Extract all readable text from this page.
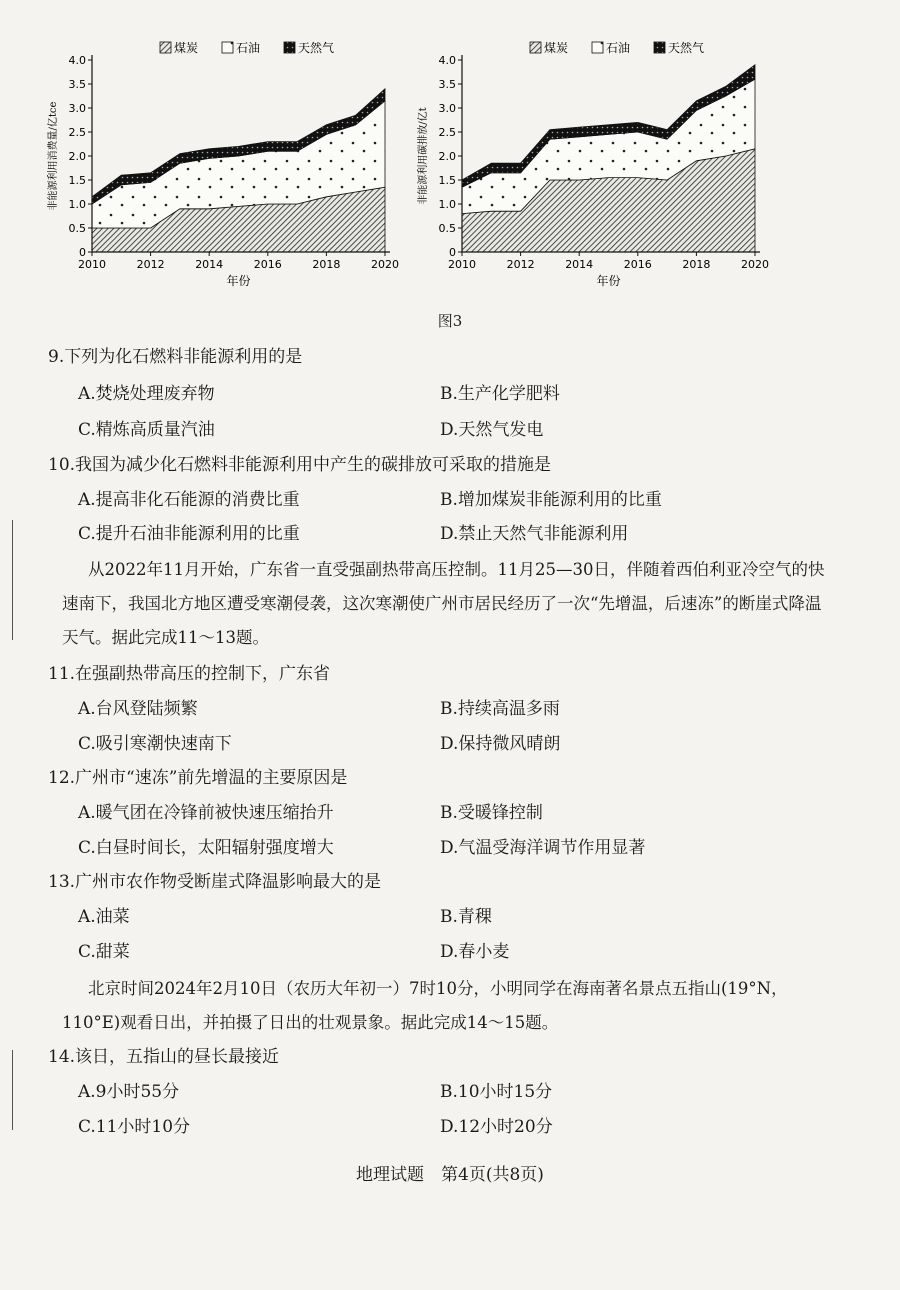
0
0.5
1.0
1.5
2.0
2.5
3.0
3.5
4.0
2010	2012	2014	2016	2018	2020
年份
非能源利用消费量/亿tce
煤炭	石油	天然气
0
0.5
1.0
1.5
2.0
2.5
3.0
3.5
4.0
2010	2012	2014	2016	2018	2020
年份
非能源利用碳排放/亿t
煤炭	石油	天然气
图3
9.下列为化石燃料非能源利用的是
A.焚烧处理废弃物	B.生产化学肥料
C.精炼高质量汽油	D.天然气发电
10.我国为减少化石燃料非能源利用中产生的碳排放可采取的措施是
A.提高非化石能源的消费比重	B.增加煤炭非能源利用的比重
C.提升石油非能源利用的比重	D.禁止天然气非能源利用
从2022年11月开始，广东省一直受强副热带高压控制。11月25—30日，伴随着西伯利亚冷空气的快速南下，我国北方地区遭受寒潮侵袭，这次寒潮使广州市居民经历了一次“先增温，后速冻”的断崖式降温天气。据此完成11～13题。
11.在强副热带高压的控制下，广东省
A.台风登陆频繁	B.持续高温多雨
C.吸引寒潮快速南下	D.保持微风晴朗
12.广州市“速冻”前先增温的主要原因是
A.暖气团在冷锋前被快速压缩抬升	B.受暖锋控制
C.白昼时间长，太阳辐射强度增大	D.气温受海洋调节作用显著
13.广州市农作物受断崖式降温影响最大的是
A.油菜	B.青稞
C.甜菜	D.春小麦
北京时间2024年2月10日（农历大年初一）7时10分，小明同学在海南著名景点五指山(19°N，110°E)观看日出，并拍摄了日出的壮观景象。据此完成14～15题。
14.该日，五指山的昼长最接近
A.9小时55分	B.10小时15分
C.11小时10分	D.12小时20分
地理试题　第4页(共8页)
